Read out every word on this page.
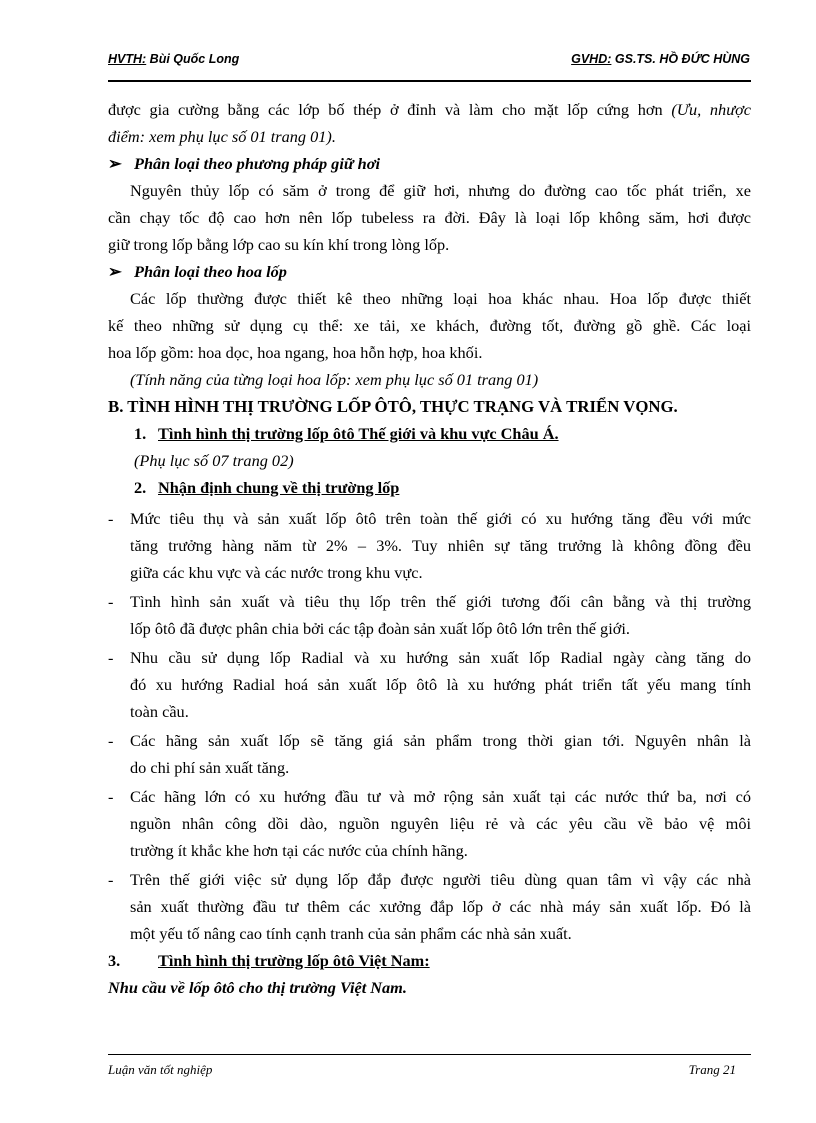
HVTH: Bùi Quốc Long	GVHD: GS.TS. HỒ ĐỨC HÙNG
được gia cường bằng các lớp bố thép ở đỉnh và làm cho mặt lốp cứng hơn (Ưu, nhược
điểm: xem phụ lục số 01 trang 01).
➢ Phân loại theo phương pháp giữ hơi
Nguyên thủy lốp có săm ở trong để giữ hơi, nhưng do đường cao tốc phát triển, xe
cần chạy tốc độ cao hơn nên lốp tubeless ra đời. Đây là loại lốp không săm, hơi được
giữ trong lốp bằng lớp cao su kín khí trong lòng lốp.
➢ Phân loại theo hoa lốp
Các lốp thường được thiết kê theo những loại hoa khác nhau. Hoa lốp được thiết
kế theo những sử dụng cụ thể: xe tải, xe khách, đường tốt, đường gồ ghề. Các loại
hoa lốp gồm: hoa dọc, hoa ngang, hoa hỗn hợp, hoa khối.
(Tính năng của từng loại hoa lốp: xem phụ lục số 01 trang 01)
B. TÌNH HÌNH THỊ TRƯỜNG LỐP ÔTÔ, THỰC TRẠNG VÀ TRIỂN VỌNG.
1. Tình hình thị trường lốp ôtô Thế giới và khu vực Châu Á.
(Phụ lục số 07 trang 02)
2. Nhận định chung về thị trường lốp
- Mức tiêu thụ và sản xuất lốp ôtô trên toàn thế giới có xu hướng tăng đều với mức
tăng trưởng hàng năm từ 2% – 3%. Tuy nhiên sự tăng trưởng là không đồng đều
giữa các khu vực và các nước trong khu vực.
- Tình hình sản xuất và tiêu thụ lốp trên thế giới tương đối cân bằng và thị trường
lốp ôtô đã được phân chia bởi các tập đoàn sản xuất lốp ôtô lớn trên thế giới.
- Nhu cầu sử dụng lốp Radial và xu hướng sản xuất lốp Radial ngày càng tăng do
đó xu hướng Radial hoá sản xuất lốp ôtô là xu hướng phát triển tất yếu mang tính
toàn cầu.
- Các hãng sản xuất lốp sẽ tăng giá sản phẩm trong thời gian tới. Nguyên nhân là
do chi phí sản xuất tăng.
- Các hãng lớn có xu hướng đầu tư và mở rộng sản xuất tại các nước thứ ba, nơi có
nguồn nhân công dồi dào, nguồn nguyên liệu rẻ và các yêu cầu về bảo vệ môi
trường ít khắc khe hơn tại các nước của chính hãng.
- Trên thế giới việc sử dụng lốp đắp được người tiêu dùng quan tâm vì vậy các nhà
sản xuất thường đầu tư thêm các xưởng đắp lốp ở các nhà máy sản xuất lốp. Đó là
một yếu tố nâng cao tính cạnh tranh của sản phẩm các nhà sản xuất.
3. Tình hình thị trường lốp ôtô Việt Nam:
Nhu cầu về lốp ôtô cho thị trường Việt Nam.
Luận văn tốt nghiệp	Trang 21
